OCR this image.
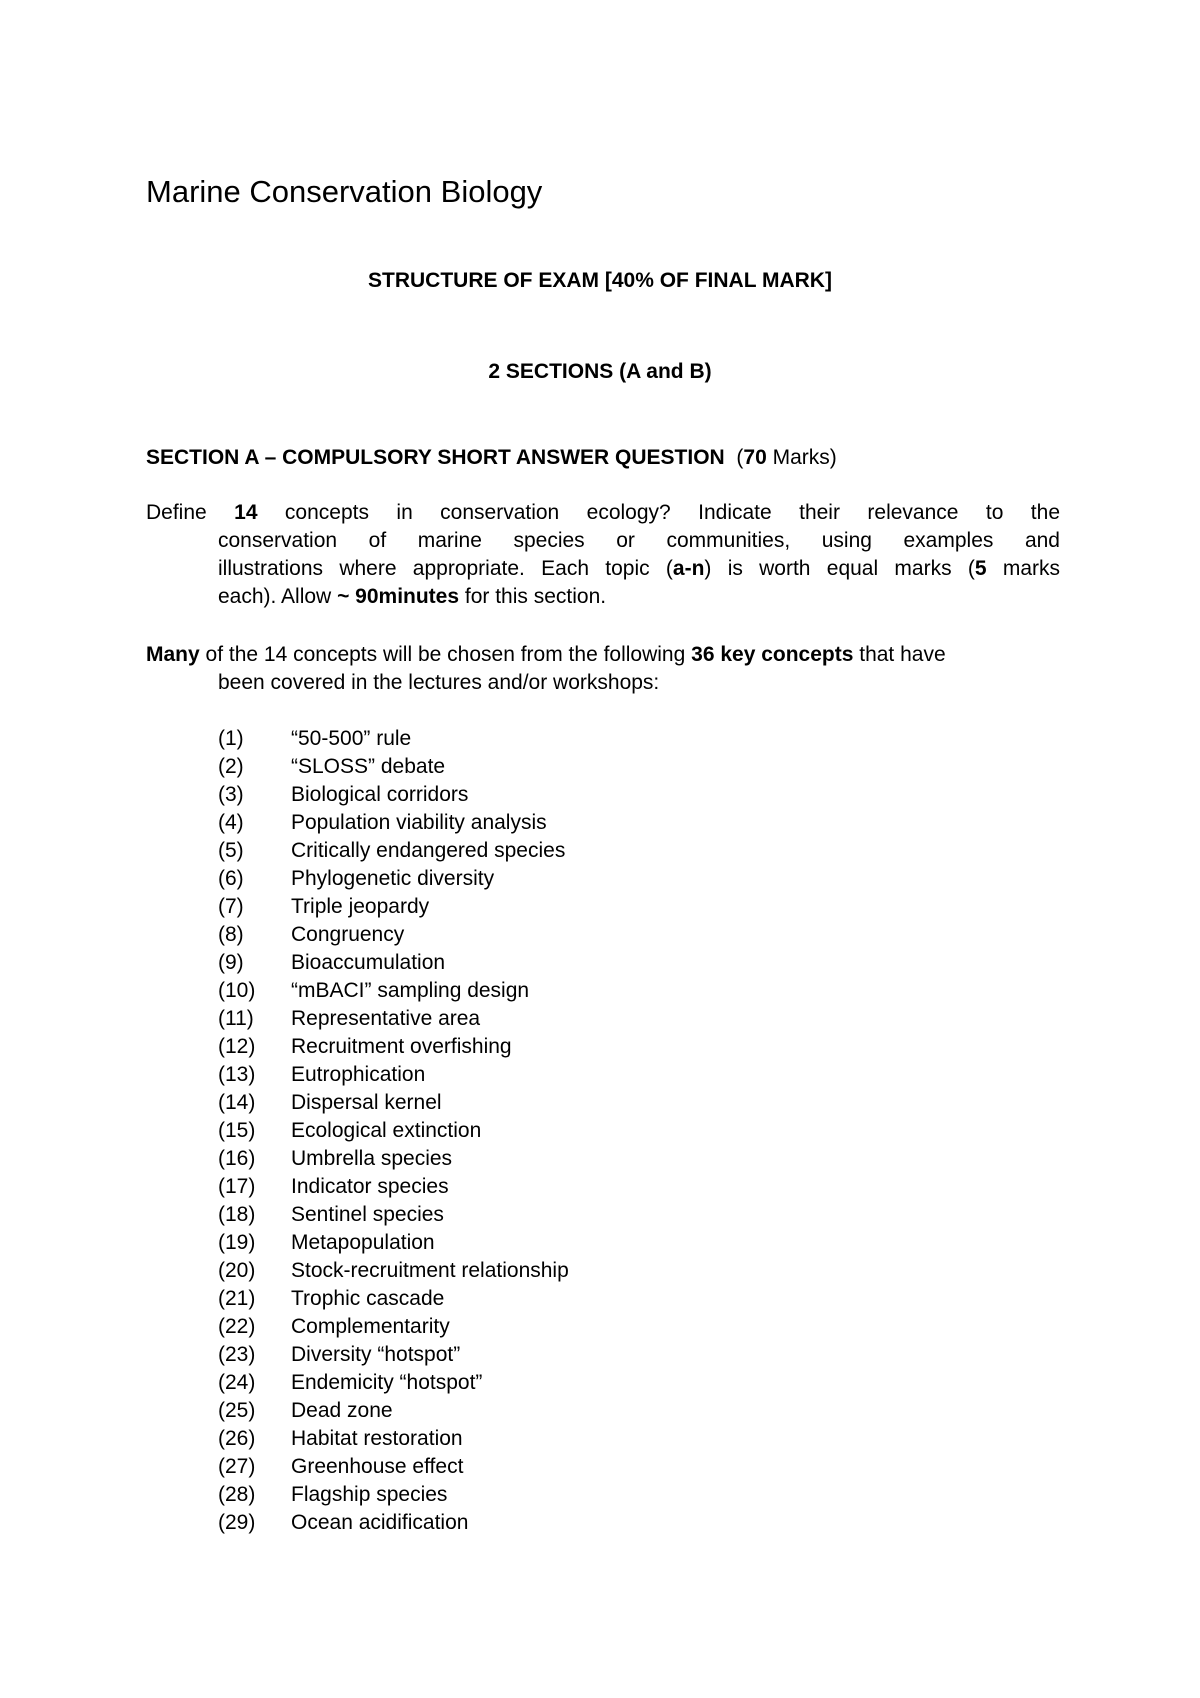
Marine Conservation Biology
STRUCTURE OF EXAM [40% OF FINAL MARK]
2 SECTIONS (A and B)
SECTION A – COMPULSORY SHORT ANSWER QUESTION (70 Marks)
Define 14 concepts in conservation ecology? Indicate their relevance to the
conservation of marine species or communities, using examples and
illustrations where appropriate. Each topic (a-n) is worth equal marks (5 marks
each). Allow ~ 90minutes for this section.
Many of the 14 concepts will be chosen from the following 36 key concepts that have
been covered in the lectures and/or workshops:
(1) “50-500” rule
(2) “SLOSS” debate
(3) Biological corridors
(4) Population viability analysis
(5) Critically endangered species
(6) Phylogenetic diversity
(7) Triple jeopardy
(8) Congruency
(9) Bioaccumulation
(10) “mBACI” sampling design
(11) Representative area
(12) Recruitment overfishing
(13) Eutrophication
(14) Dispersal kernel
(15) Ecological extinction
(16) Umbrella species
(17) Indicator species
(18) Sentinel species
(19) Metapopulation
(20) Stock-recruitment relationship
(21) Trophic cascade
(22) Complementarity
(23) Diversity “hotspot”
(24) Endemicity “hotspot”
(25) Dead zone
(26) Habitat restoration
(27) Greenhouse effect
(28) Flagship species
(29) Ocean acidification
